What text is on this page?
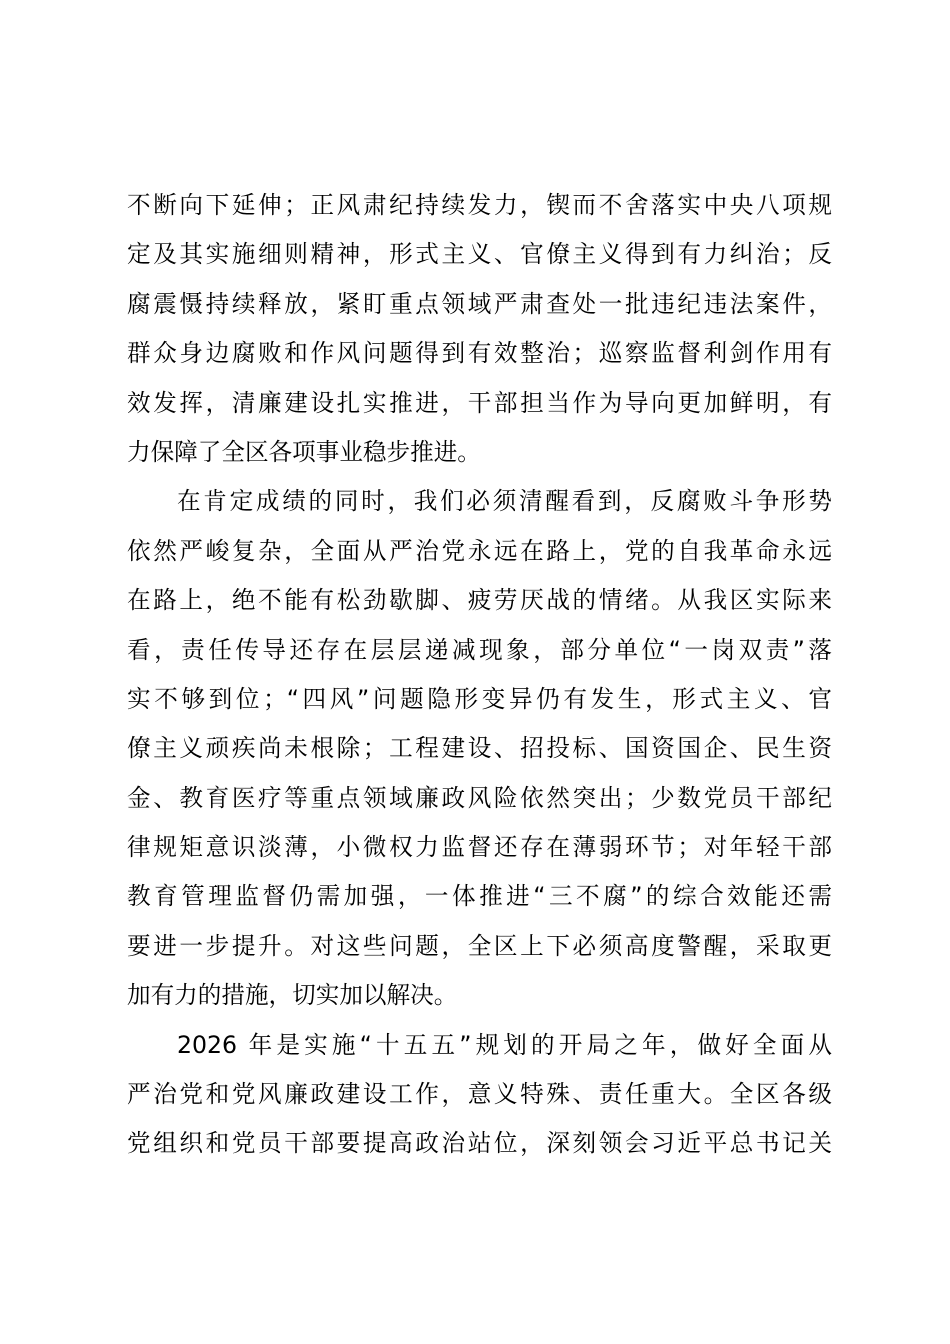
不断向下延伸；正风肃纪持续发力，锲而不舍落实中央八项规
定及其实施细则精神，形式主义、官僚主义得到有力纠治；反
腐震慑持续释放，紧盯重点领域严肃查处一批违纪违法案件，
群众身边腐败和作风问题得到有效整治；巡察监督利剑作用有
效发挥，清廉建设扎实推进，干部担当作为导向更加鲜明，有
力保障了全区各项事业稳步推进。
在肯定成绩的同时，我们必须清醒看到，反腐败斗争形势
依然严峻复杂，全面从严治党永远在路上，党的自我革命永远
在路上，绝不能有松劲歇脚、疲劳厌战的情绪。从我区实际来
看，责任传导还存在层层递减现象，部分单位“一岗双责”落
实不够到位；“四风”问题隐形变异仍有发生，形式主义、官
僚主义顽疾尚未根除；工程建设、招投标、国资国企、民生资
金、教育医疗等重点领域廉政风险依然突出；少数党员干部纪
律规矩意识淡薄，小微权力监督还存在薄弱环节；对年轻干部
教育管理监督仍需加强，一体推进“三不腐”的综合效能还需
要进一步提升。对这些问题，全区上下必须高度警醒，采取更
加有力的措施，切实加以解决。
2026 年是实施“十五五”规划的开局之年，做好全面从
严治党和党风廉政建设工作，意义特殊、责任重大。全区各级
党组织和党员干部要提高政治站位，深刻领会习近平总书记关
